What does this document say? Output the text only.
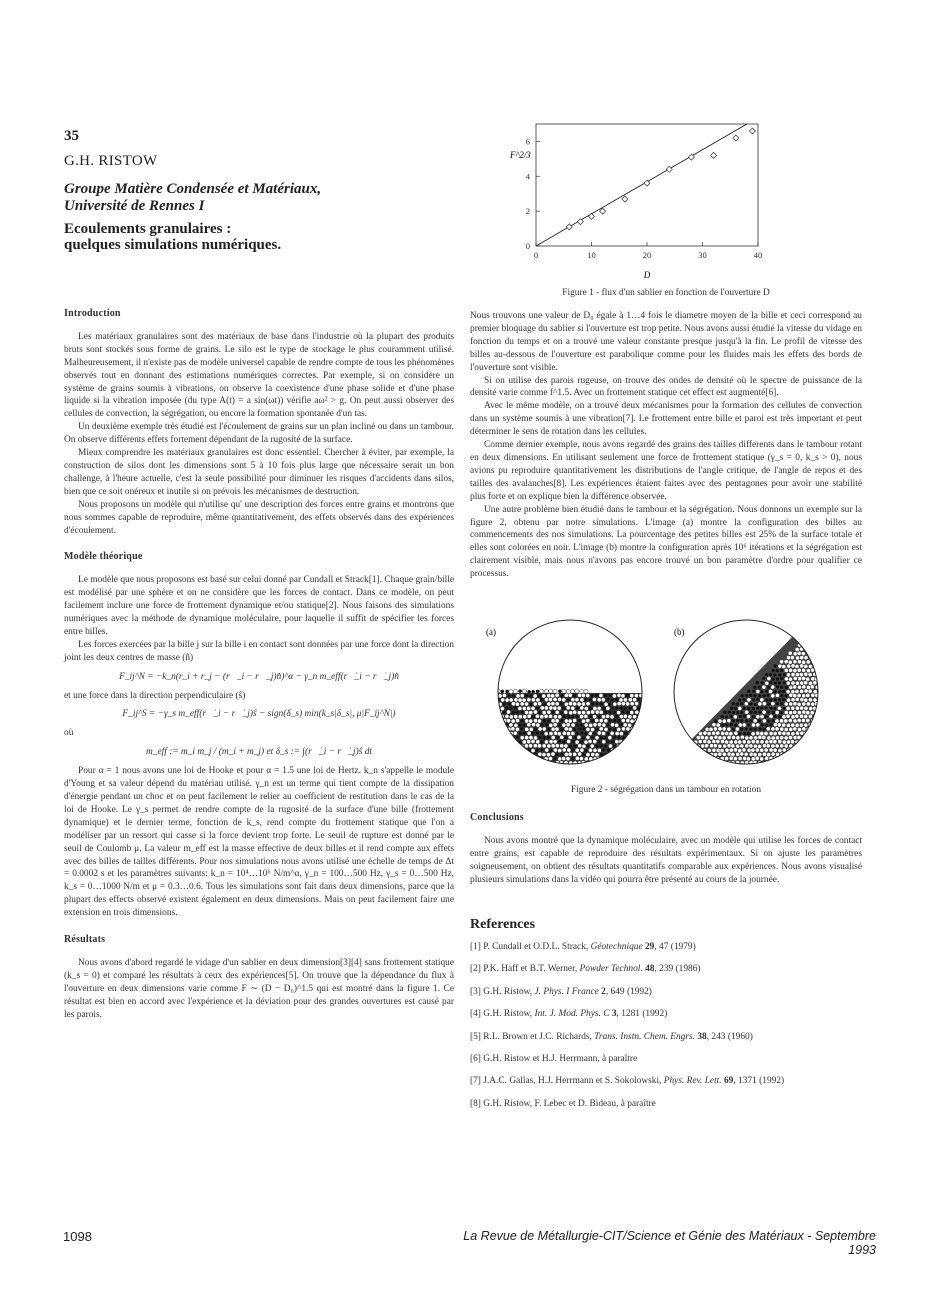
35
G.H. RISTOW
Groupe Matière Condensée et Matériaux,
Université de Rennes I
Ecoulements granulaires :
quelques simulations numériques.
0	10	20	30	40
0
2
4
6
F^2/3
D
Figure 1 - flux d'un sablier en fonction de l'ouverture D
Introduction

Les matériaux granulaires sont des matériaux de base dans l'industrie où la plupart des produits bruts sont stockés sous forme de grains. Le silo est le type de stockage le plus couramment utilisé. Malheureusement, il n'existe pas de modèle universel capable de rendre compte de tous les phénomènes observés tout en donnant des estimations numériques correctes. Par exemple, si on considère un système de grains soumis à vibrations, on observe la coexistence d'une phase solide et d'une phase liquide si la vibration imposée (du type A(t) = a sin(ωt)) vérifie aω² > g. On peut aussi observer des cellules de convection, la ségrégation, ou encore la formation spontanée d'un tas.

Un deuxième exemple très étudié est l'écoulement de grains sur un plan incliné ou dans un tambour. On observe différents effets fortement dépendant de la rugosité de la surface.

Mieux comprendre les matériaux granulaires est donc essentiel. Chercher à éviter, par exemple, la construction de silos dont les dimensions sont 5 à 10 fois plus large que nécessaire serait un bon challenge, à l'heure actuelle, c'est la seule possibilité pour diminuer les risques d'accidents dans silos, bien que ce soit onéreux et inutile si on prévois les mécanismes de destruction.

Nous proposons un modèle qui n'utilise qu' une description des forces entre grains et montrons que nous sommes capable de reproduire, même quantitativement, des effets observés dans des expériences d'écoulement.

Modèle théorique

Le modèle que nous proposons est basé sur celui donné par Cundall et Strack[1]. Chaque grain/bille est modélisé par une sphère et on ne considère que les forces de contact. Dans ce modèle, on peut facilement inclure une force de frottement dynamique et/ou statique[2]. Nous faisons des simulations numériques avec la méthode de dynamique moléculaire, pour laquelle il suffit de spécifier les forces entre billes.

Les forces exercées par la bille j sur la bille i en contact sont données par une force dont la direction joint les deux centres de masse (n̂)

F_ij^N = −k_n(r_i + r_j − (r⃗_i − r⃗_j)n̂)^α − γ_n m_eff(r⃗̇_i − r⃗̇_j)n̂

et une force dans la direction perpendiculaire (ŝ)

F_ij^S = −γ_s m_eff(r⃗̇_i − r⃗̇_j)ŝ − sign(δ_s) min(k_s|δ_s|, μ|F_ij^N|)

où

m_eff := m_i m_j / (m_i + m_j) et δ_s := ∫(r⃗̇_i − r⃗̇_j)ŝ dt

Pour α = 1 nous avons une loi de Hooke et pour α = 1.5 une loi de Hertz. k_n s'appelle le module d'Young et sa valeur dépend du matériau utilisé. γ_n est un terme qui tient compte de la dissipation d'énergie pendant un choc et on peut facilement le relier au coefficient de restitution dans le cas de la loi de Hooke. Le γ_s permet de rendre compte de la rugosité de la surface d'une bille (frottement dynamique) et le dernier terme, fonction de k_s, rend compte du frottement statique que l'on a modéliser par un ressort qui casse si la force devient trop forte. Le seuil de rupture est donné par le seuil de Coulomb μ. La valeur m_eff est la masse effective de deux billes et il rend compte aux effets avec des billes de tailles différents. Pour nos simulations nous avons utilisé une échelle de temps de Δt = 0.0002 s et les paramètres suivants: k_n = 10⁴…10⁶ N/m^α, γ_n = 100…500 Hz, γ_s = 0…500 Hz, k_s = 0…1000 N/m et μ = 0.3…0.6. Tous les simulations sont fait dans deux dimensions, parce que la plupart des effects observé existent également en deux dimensions. Mais on peut facilement faire une extension en trois dimensions.

Résultats

Nous avons d'abord regardé le vidage d'un sablier en deux dimension[3][4] sans frottement statique (k_s = 0) et comparé les résultats à ceux des expériences[5]. On trouve que la dépendance du flux à l'ouverture en deux dimensions varie comme F ∼ (D − D₀)^1.5 qui est montré dans la figure 1. Ce résultat est bien en accord avec l'expérience et la déviation pour des grandes ouvertures est causé par les parois.

Nous trouvons une valeur de D₀ égale à 1…4 fois le diametre moyen de la bille et ceci correspond au premier bloquage du sablier si l'ouverture est trop petite. Nous avons aussi étudié la vitesse du vidage en fonction du temps et on a trouvé une valeur constante presque jusqu'à la fin. Le profil de vitesse des billes au-dessous de l'ouverture est parabolique comme pour les fluides mais les effets des bords de l'ouverture sont visible.

Si on utilise des parois rugeuse, on trouve des ondes de densité où le spectre de puissance de la densité varie comme f^1.5. Avec un frottement statique cet effect est augmenté[6].

Avec le même modèle, on a trouvé deux mécanismes pour la formation des cellules de convection dans un système soumis à une vibration[7]. Le frottement entre bille et paroi est très important et peut déterminer le sens de rotation dans les cellules.

Comme dernier exemple, nous avons regardé des grains des tailles differents dans le tambour rotant en deux dimensions. En utilisant seulement une force de frottement statique (γ_s = 0, k_s > 0), nous avions pu reproduire quantitativement les distributions de l'angle critique, de l'angle de repos et des tailles des avalanches[8]. Les expériences étaient faites avec des pentagones pour avoir une stabilité plus forte et on explique bien la différence observée.

Une autre problème bien étudié dans le tambour et la ségrégation. Nous donnons un exemple sur la figure 2, obtenu par notre simulations. L'image (a) montre la configuration des billes au commencements des nos simulations. La pourcentage des petites billes est 25% de la surface totale et elles sont colorées en noir. L'image (b) montre la configuration après 10⁶ itérations et la ségrégation est clairement visible, mais nous n'avons pas encore trouvé un bon paramètre d'ordre pour qualifier ce processus.

(a)	(b)
Figure 2 - ségrégation dans un tambour en rotation
Conclusions

Nous avons montré que la dynamique moléculaire, avec un modèle qui utilise les forces de contact entre grains, est capable de reproduire des résultats expérimentaux. Si on ajuste les paramètres soigneusement, on obtient des résultats quantitatifs comparable aux expériences. Nous avons visualisé plusieurs simulations dans la vidéo qui pourra être présenté au cours de la journée.

References
[1] P. Cundall et O.D.L. Strack, Géotechnique 29, 47 (1979)
[2] P.K. Haff et B.T. Werner, Powder Technol. 48, 239 (1986)
[3] G.H. Ristow, J. Phys. I France 2, 649 (1992)
[4] G.H. Ristow, Int. J. Mod. Phys. C 3, 1281 (1992)
[5] R.L. Brown et J.C. Richards, Trans. Instn. Chem. Engrs. 38, 243 (1960)
[6] G.H. Ristow et H.J. Herrmann, à paraître
[7] J.A.C. Gallas, H.J. Herrmann et S. Sokolowski, Phys. Rev. Lett. 69, 1371 (1992)
[8] G.H. Ristow, F. Lebec et D. Bideau, à paraître
1098	La Revue de Métallurgie-CIT/Science et Génie des Matériaux - Septembre 1993
